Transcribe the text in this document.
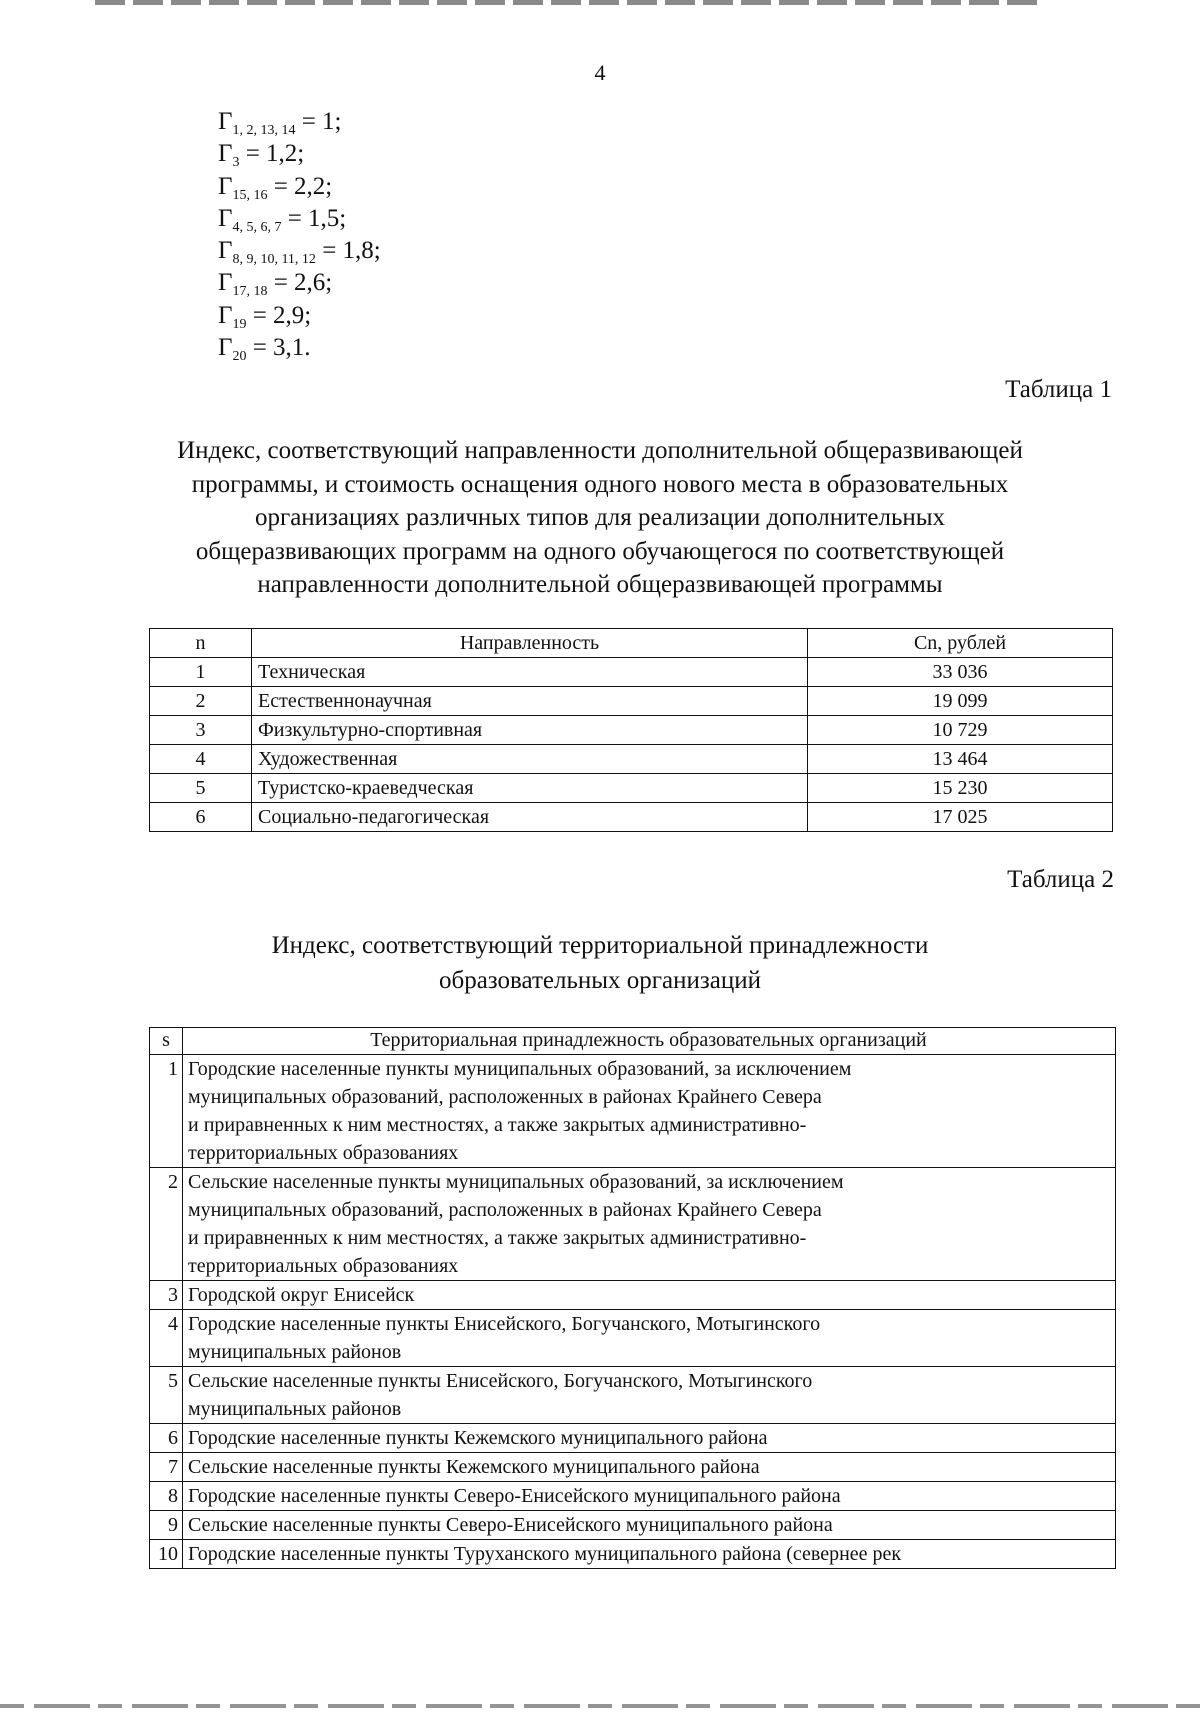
4
$Г_{1, 2, 13, 14} = 1$;
$Г_3 = 1,2$;
$Г_{15, 16} = 2,2$;
$Г_{4, 5, 6, 7} = 1,5$;
$Г_{8, 9, 10, 11, 12} = 1,8$;
$Г_{17, 18} = 2,6$;
$Г_{19} = 2,9$;
$Г_{20} = 3,1$.
Таблица 1
Индекс, соответствующий направленности дополнительной общеразвивающей
программы, и стоимость оснащения одного нового места в образовательных
организациях различных типов для реализации дополнительных
общеразвивающих программ на одного обучающегося по соответствующей
направленности дополнительной общеразвивающей программы
n	Направленность	Cn, рублей
1	Техническая	33 036
2	Естественнонаучная	19 099
3	Физкультурно-спортивная	10 729
4	Художественная	13 464
5	Туристско-краеведческая	15 230
6	Социально-педагогическая	17 025
Таблица 2
Индекс, соответствующий территориальной принадлежности
образовательных организаций
s	Территориальная принадлежность образовательных организаций
1	Городские населенные пункты муниципальных образований, за исключением
муниципальных образований, расположенных в районах Крайнего Севера
и приравненных к ним местностях, а также закрытых административно-
территориальных образованиях

2	Сельские населенные пункты муниципальных образований, за исключением
муниципальных образований, расположенных в районах Крайнего Севера
и приравненных к ним местностях, а также закрытых административно-
территориальных образованиях

3	Городской округ Енисейск

4	Городские населенные пункты Енисейского, Богучанского, Мотыгинского
муниципальных районов

5	Сельские населенные пункты Енисейского, Богучанского, Мотыгинского
муниципальных районов

6	Городские населенные пункты Кежемского муниципального района

7	Сельские населенные пункты Кежемского муниципального района

8	Городские населенные пункты Северо-Енисейского муниципального района

9	Сельские населенные пункты Северо-Енисейского муниципального района

10	Городские населенные пункты Туруханского муниципального района (севернее рек
